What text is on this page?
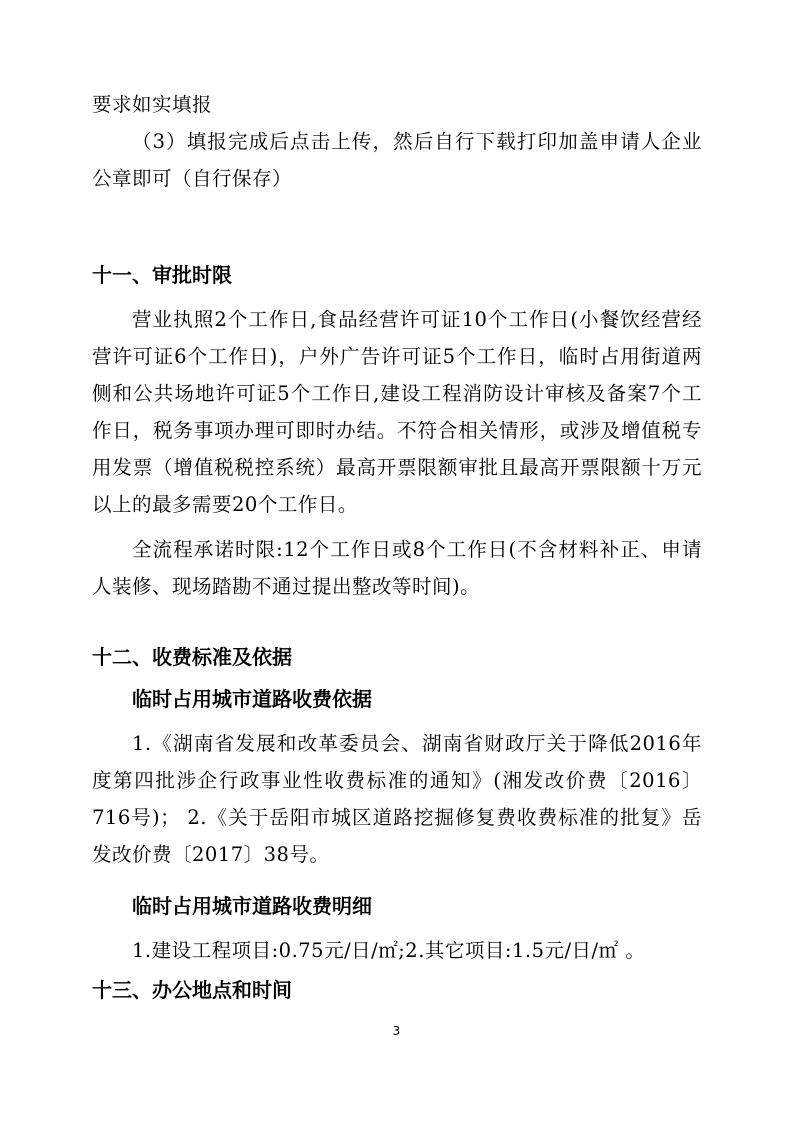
要求如实填报

（3）填报完成后点击上传，然后自行下载打印加盖申请人企业公章即可（自行保存）

十一、审批时限

营业执照2个工作日,食品经营许可证10个工作日(小餐饮经营经营许可证6个工作日)，户外广告许可证5个工作日，临时占用街道两侧和公共场地许可证5个工作日,建设工程消防设计审核及备案7个工作日，税务事项办理可即时办结。不符合相关情形，或涉及增值税专用发票（增值税税控系统）最高开票限额审批且最高开票限额十万元以上的最多需要20个工作日。

全流程承诺时限:12个工作日或8个工作日(不含材料补正、申请人装修、现场踏勘不通过提出整改等时间)。

十二、收费标准及依据
临时占用城市道路收费依据

1.《湖南省发展和改革委员会、湖南省财政厅关于降低2016年度第四批涉企行政事业性收费标准的通知》(湘发改价费〔2016〕716号)； 2.《关于岳阳市城区道路挖掘修复费收费标准的批复》岳发改价费〔2017〕38号。

临时占用城市道路收费明细

1.建设工程项目:0.75元/日/㎡;2.其它项目:1.5元/日/㎡ 。

十三、办公地点和时间
3
